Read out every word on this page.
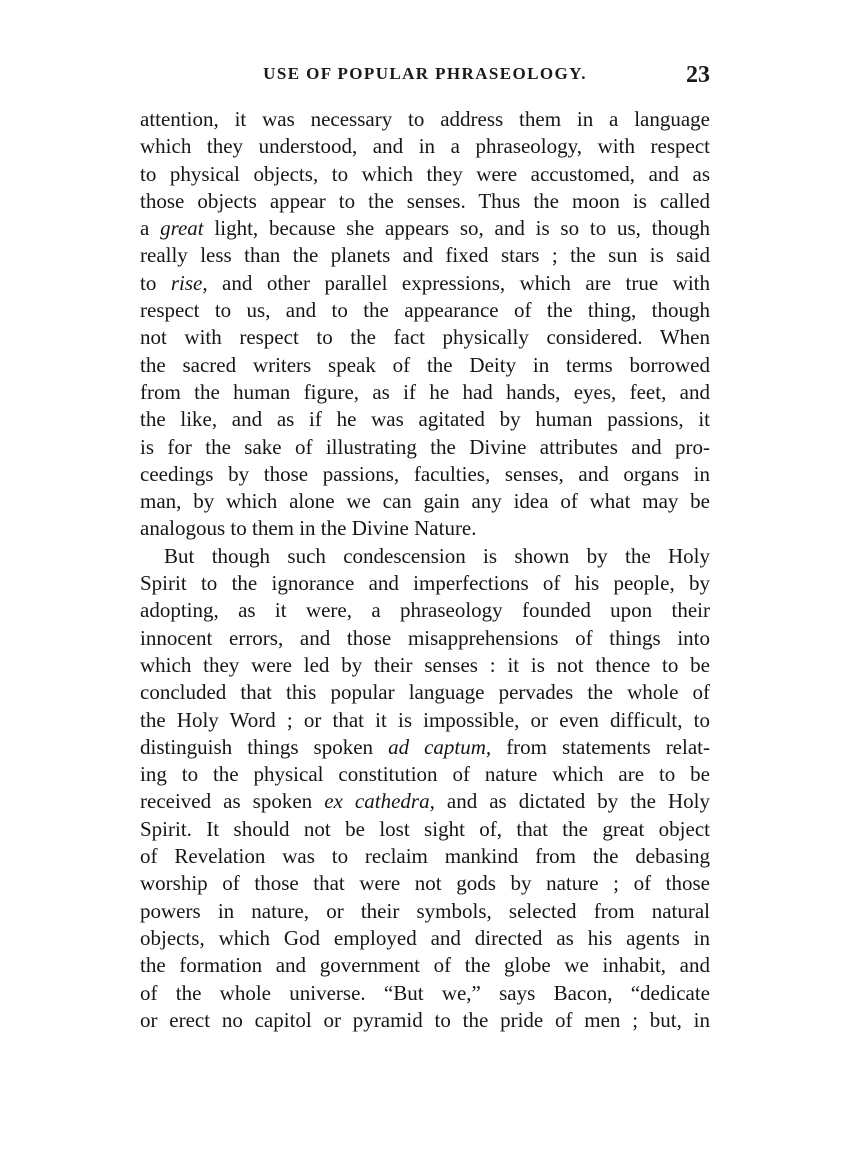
USE OF POPULAR PHRASEOLOGY.	23
attention, it was necessary to address them in a language
which they understood, and in a phraseology, with respect
to physical objects, to which they were accustomed, and as
those objects appear to the senses. Thus the moon is called
a great light, because she appears so, and is so to us, though
really less than the planets and fixed stars ; the sun is said
to rise, and other parallel expressions, which are true with
respect to us, and to the appearance of the thing, though
not with respect to the fact physically considered. When
the sacred writers speak of the Deity in terms borrowed
from the human figure, as if he had hands, eyes, feet, and
the like, and as if he was agitated by human passions, it
is for the sake of illustrating the Divine attributes and pro-
ceedings by those passions, faculties, senses, and organs in
man, by which alone we can gain any idea of what may be
analogous to them in the Divine Nature.
But though such condescension is shown by the Holy
Spirit to the ignorance and imperfections of his people, by
adopting, as it were, a phraseology founded upon their
innocent errors, and those misapprehensions of things into
which they were led by their senses : it is not thence to be
concluded that this popular language pervades the whole of
the Holy Word ; or that it is impossible, or even difficult, to
distinguish things spoken ad captum, from statements relat-
ing to the physical constitution of nature which are to be
received as spoken ex cathedra, and as dictated by the Holy
Spirit. It should not be lost sight of, that the great object
of Revelation was to reclaim mankind from the debasing
worship of those that were not gods by nature ; of those
powers in nature, or their symbols, selected from natural
objects, which God employed and directed as his agents in
the formation and government of the globe we inhabit, and
of the whole universe. “But we,” says Bacon, “dedicate
or erect no capitol or pyramid to the pride of men ; but, in
